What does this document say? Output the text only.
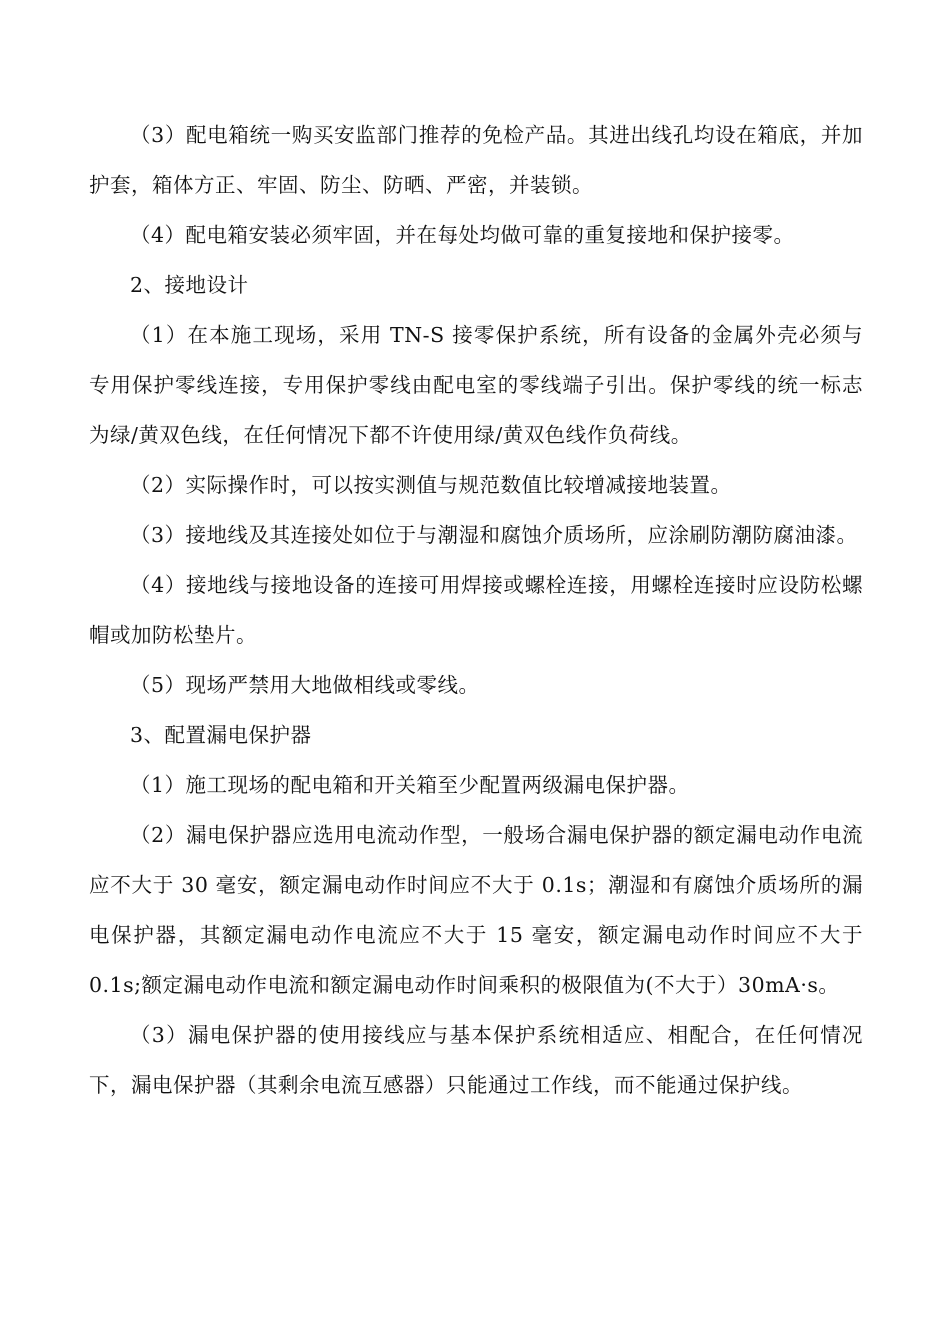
（3）配电箱统一购买安监部门推荐的免检产品。其进出线孔均设在箱底，并加护套，箱体方正、牢固、防尘、防晒、严密，并装锁。

（4）配电箱安装必须牢固，并在每处均做可靠的重复接地和保护接零。

2、接地设计

（1）在本施工现场，采用 TN-S 接零保护系统，所有设备的金属外壳必须与专用保护零线连接，专用保护零线由配电室的零线端子引出。保护零线的统一标志为绿/黄双色线，在任何情况下都不许使用绿/黄双色线作负荷线。

（2）实际操作时，可以按实测值与规范数值比较增减接地装置。

（3）接地线及其连接处如位于与潮湿和腐蚀介质场所，应涂刷防潮防腐油漆。

（4）接地线与接地设备的连接可用焊接或螺栓连接，用螺栓连接时应设防松螺帽或加防松垫片。

（5）现场严禁用大地做相线或零线。

3、配置漏电保护器

（1）施工现场的配电箱和开关箱至少配置两级漏电保护器。

（2）漏电保护器应选用电流动作型，一般场合漏电保护器的额定漏电动作电流应不大于 30 毫安，额定漏电动作时间应不大于 0.1s；潮湿和有腐蚀介质场所的漏电保护器，其额定漏电动作电流应不大于 15 毫安，额定漏电动作时间应不大于 0.1s;额定漏电动作电流和额定漏电动作时间乘积的极限值为(不大于）30mA·s。

（3）漏电保护器的使用接线应与基本保护系统相适应、相配合，在任何情况下，漏电保护器（其剩余电流互感器）只能通过工作线，而不能通过保护线。
